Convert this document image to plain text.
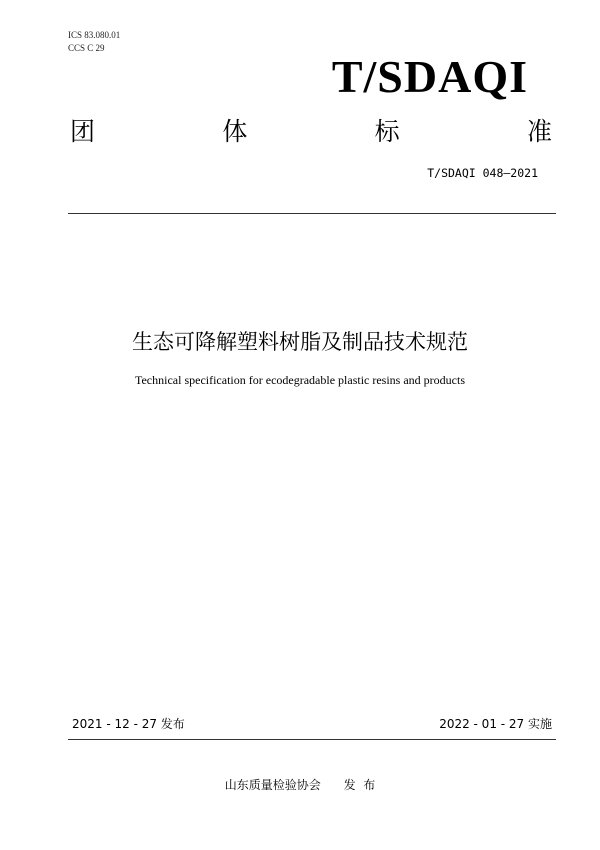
ICS 83.080.01
CCS C 29
T/SDAQI
团	体	标	准
T/SDAQI 048—2021
生态可降解塑料树脂及制品技术规范
Technical specification for ecodegradable plastic resins and products
2021 - 12 - 27 发布	2022 - 01 - 27 实施
山东质量检验协会      发  布
